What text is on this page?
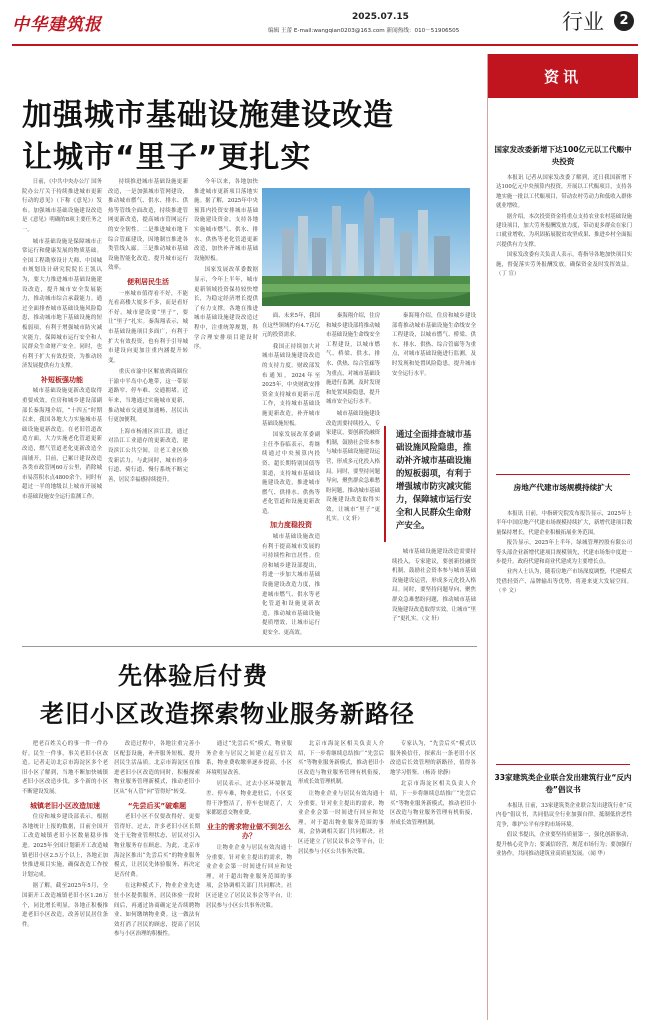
中华建筑报	2025.07.15
编辑 王蕾 E-mail:wangqian0203@163.com 新闻热线：010－51906505	行业	2
加强城市基础设施建设改造
让城市“里子”更扎实

日前，《中共中央办公厅 国务院办公厅关于持续推进城市更新行动的意见》（下称《意见》）发布。加强城市基础设施建设改造是《意见》明确的8项主要任务之一。

城市基础设施是保障城市正常运行和健康发展的物质基础。全国工程勘察设计大师、中国城市规划设计研究院院长王凯认为，要大力推进城市基础设施建设改造，提升城市安全发展能力，推动城市综合承载能力。通过全面排查城市基础设施风险隐患，推动城市地下基础设施的短板弱项，有利于增强城市防灾减灾能力，保障城市运行安全和人民群众生命财产安全。同时，也有利于扩大有效投资，为推动经济发展提供有力支撑。

补短板强功能

城市基础设施更新改造取得重要成效。住房和城乡建设部副部长秦海翔介绍，“十四五”时期以来，我国各地大力实施城市基础设施更新改造。在老旧管道改造方面，大力实施老化管道更新改造，燃气管道老化更新改造全面铺开，目前，已累计建设改造各类市政管网60万公里，消除城市易涝积水点4800余个，同时有超过一半的地级以上城市开展城市基础设施安全运行监测工作。

持续推进城市基础设施更新改造，一是加强城市管网建设，推动城市燃气、供水、排水、供热等管线全面改造，持续推进管网更新改造，提高城市管网运行的安全韧性。二是推进城市地下综合管廊建设，因地制宜推进各类管线入廊。三是推动城市基础设施智能化改造，提升城市运行效率。

便利居民生活

一座城市值得看不好，不能光看高楼大厦多不多，而是看好不好。城市建设要“里子”，要让“里子”扎实。秦海翔表示，城市基础设施项目多面广，有利于扩大有效投资，也有利于引导城市建设向更加注重内涵提升转变。

重庆市渝中区解放碑商圈位于渝中半岛中心地带，这一带原道路窄、停车难、交通拥堵。近年来，当地通过实施城市更新，推动城市交通更加通畅，居民出行更加便利。

上海市杨浦区滨江段，通过对沿江工业遗存的更新改造，建设滨江公共空间，让老工业区焕发新活力。与此同时，城市的步行道、骑行道、慢行系统不断完善，居民幸福感持续提升。

今年以来，各地加快推进城市更新项目落地实施。据了解，2025年中央预算内投资安排城市基础设施建设资金，支持各地实施城市燃气、供水、排水、供热等老化管道更新改造，加快补齐城市基础设施短板。

国家发展改革委数据显示，今年上半年，城市更新领域投资保持较快增长，为稳定经济增长提供了有力支撑。各地在推进城市基础设施建设改造过程中，注重统筹规划，科学合理安排项目建设时序。

面、未来5年，我国在这些领域约有4.7万亿元的投资需求。

我国正持续加大对城市基础设施建设改造的支持力度。财政部发布通知，2024年至2025年，中央财政安排资金支持城市更新示范工作，支持城市基础设施更新改造，补齐城市基础设施短板。

国家发展改革委副主任李春临表示，将继续通过中央预算内投资、超长期特别国债等渠道，支持城市基础设施建设改造，推进城市燃气、供排水、供热等老化管道和设施更新改造。

加力度稳投资

城市基础设施改造有利于提高城市发展的可持续性和宜居性。住房和城乡建设部提出，将进一步加大城市基础设施建设改造力度，推进城市燃气、供水等老化管道和设施更新改造，推动城市基础设施提质增效，让城市运行更安全、更高效。

秦海翔介绍，住房和城乡建设部将推动城市基础设施生命线安全工程建设，以城市燃气、桥梁、供水、排水、供热、综合管廊等为重点，对城市基础设施进行监测，及时发现和处置风险隐患，提升城市安全运行水平。

城市基础设施建设改造需要持续投入，专家建议，要创新投融资机制，鼓励社会资本参与城市基础设施建设运营，形成多元化投入格局。同时，要坚持问题导向，聚焦群众急难愁盼问题，推动城市基础设施建设改造取得实效，让城市“里子”更扎实。（文 轩）

秦海翔介绍，住房和城乡建设部将推动城市基础设施生命线安全工程建设，以城市燃气、桥梁、供水、排水、供热、综合管廊等为重点，对城市基础设施进行监测，及时发现和处置风险隐患，提升城市安全运行水平。

通过全面排查城市基础设施风险隐患，推动补齐城市基础设施的短板弱项，有利于增强城市防灾减灾能力，保障城市运行安全和人民群众生命财产安全。

城市基础设施建设改造需要持续投入，专家建议，要创新投融资机制，鼓励社会资本参与城市基础设施建设运营，形成多元化投入格局。同时，要坚持问题导向，聚焦群众急难愁盼问题，推动城市基础设施建设改造取得实效，让城市“里子”更扎实。（文 轩）

先体验后付费
老旧小区改造探索物业服务新路径

把老百姓关心的事一件一件办好。民生一件事，事关老旧小区改造。记者走访北京市海淀区多个老旧小区了解到，当地不断加快城镇老旧小区改造步伐，多个新的小区不断建设发展。

城镇老旧小区改造加速

住房和城乡建设部表示，根据各地统计上报的数据，目前全国开工改造城镇老旧小区数量稳步推进。2025年全国计划新开工改造城镇老旧小区2.5万个以上，各地正加快推进项目实施，确保改造工作按计划完成。

据了解，截至2025年5月，全国新开工改造城镇老旧小区1.26万个，同比增长明显，各地正积极推进老旧小区改造，改善居民居住条件。

改造过程中，各地注重完善小区配套设施，补齐服务短板，提升居民生活品质。北京市海淀区在推进老旧小区改造的同时，积极探索物业服务管理新模式，推动老旧小区从“有人管”向“管得好”转变。

“先尝后买”破难题

老旧小区不仅要改得好，更要管得好。过去，许多老旧小区长期处于无物业管理状态，居民对引入物业服务存在顾虑。为此，北京市海淀区推出“先尝后买”的物业服务模式，让居民先体验服务、再决定是否付费。

在这种模式下，物业企业先进驻小区提供服务，居民体验一段时间后，再通过协商确定是否续聘物业、如何缴纳物业费。这一做法有效打消了居民的顾虑，提高了居民参与小区治理的积极性。

通过“先尝后买”模式，物业服务企业与居民之间建立起互信关系，物业费收缴率逐步提高，小区环境明显改善。

居民表示，过去小区环境脏乱差、停车难，物业进驻后，小区变得干净整洁了，停车也规范了，大家都愿意交物业费。

业主的需求物业做不到怎么办？

让物业企业与居民有效沟通十分重要。针对业主提出的需求，物业企业会第一时间进行回应和处理，对于超出物业服务范围的事项，会协调相关部门共同解决。社区还建立了居民议事会等平台，让居民参与小区公共事务决策。

北京市海淀区相关负责人介绍，下一步将继续总结推广“先尝后买”等物业服务新模式，推动老旧小区改造与物业服务管理有机衔接，形成长效管理机制。

让物业企业与居民有效沟通十分重要。针对业主提出的需求，物业企业会第一时间进行回应和处理，对于超出物业服务范围的事项，会协调相关部门共同解决。社区还建立了居民议事会等平台，让居民参与小区公共事务决策。

专家认为，“先尝后买”模式以服务换信任，探索出一条老旧小区改造后长效管理的新路径，值得各地学习借鉴。（杨涛 徐静）

北京市海淀区相关负责人介绍，下一步将继续总结推广“先尝后买”等物业服务新模式，推动老旧小区改造与物业服务管理有机衔接，形成长效管理机制。

资讯
国家发改委新增下达100亿元以工代赈中央投资

本报讯 记者从国家发改委了解到，近日我国新增下达100亿元中央预算内投资，开展以工代赈项目，支持各地实施一批以工代赈项目，带动农村劳动力和低收入群体就业增收。

据介绍，本次投资资金将重点支持农业农村基础设施建设项目，加大劳务报酬发放力度，带动更多群众在家门口就业增收，为巩固拓展脱贫攻坚成果、推进乡村全面振兴提供有力支撑。

国家发改委有关负责人表示，将指导各地加快项目实施，督促落实劳务报酬发放，确保资金及时发挥效益。（丁 宣）

房地产代建市场规模持续扩大

本报讯 日前，中指研究院发布报告显示，2025年上半年中国房地产代建市场规模持续扩大，新增代建项目数量保持增长，代建企业积极拓展业务范围。

报告显示，2025年上半年，绿城管理控股有限公司等头部企业新增代建项目规模领先，代建市场集中度进一步提升。政府代建和商业代建成为主要增长点。

业内人士认为，随着房地产市场深度调整，代建模式凭借轻资产、品牌输出等优势，将迎来更大发展空间。（辛 文）

33家建筑类企业联合发出建筑行业“反内卷”倡议书

本报讯 日前，33家建筑类企业联合发出建筑行业“反内卷”倡议书，共同倡议全行业加强自律，抵制低价恶性竞争，维护公平有序的市场环境。

倡议书提出，企业要坚持质量第一，强化创新驱动，提升核心竞争力；要诚信经营，规范市场行为；要加强行业协作，共同推动建筑业高质量发展。（闻 华）
